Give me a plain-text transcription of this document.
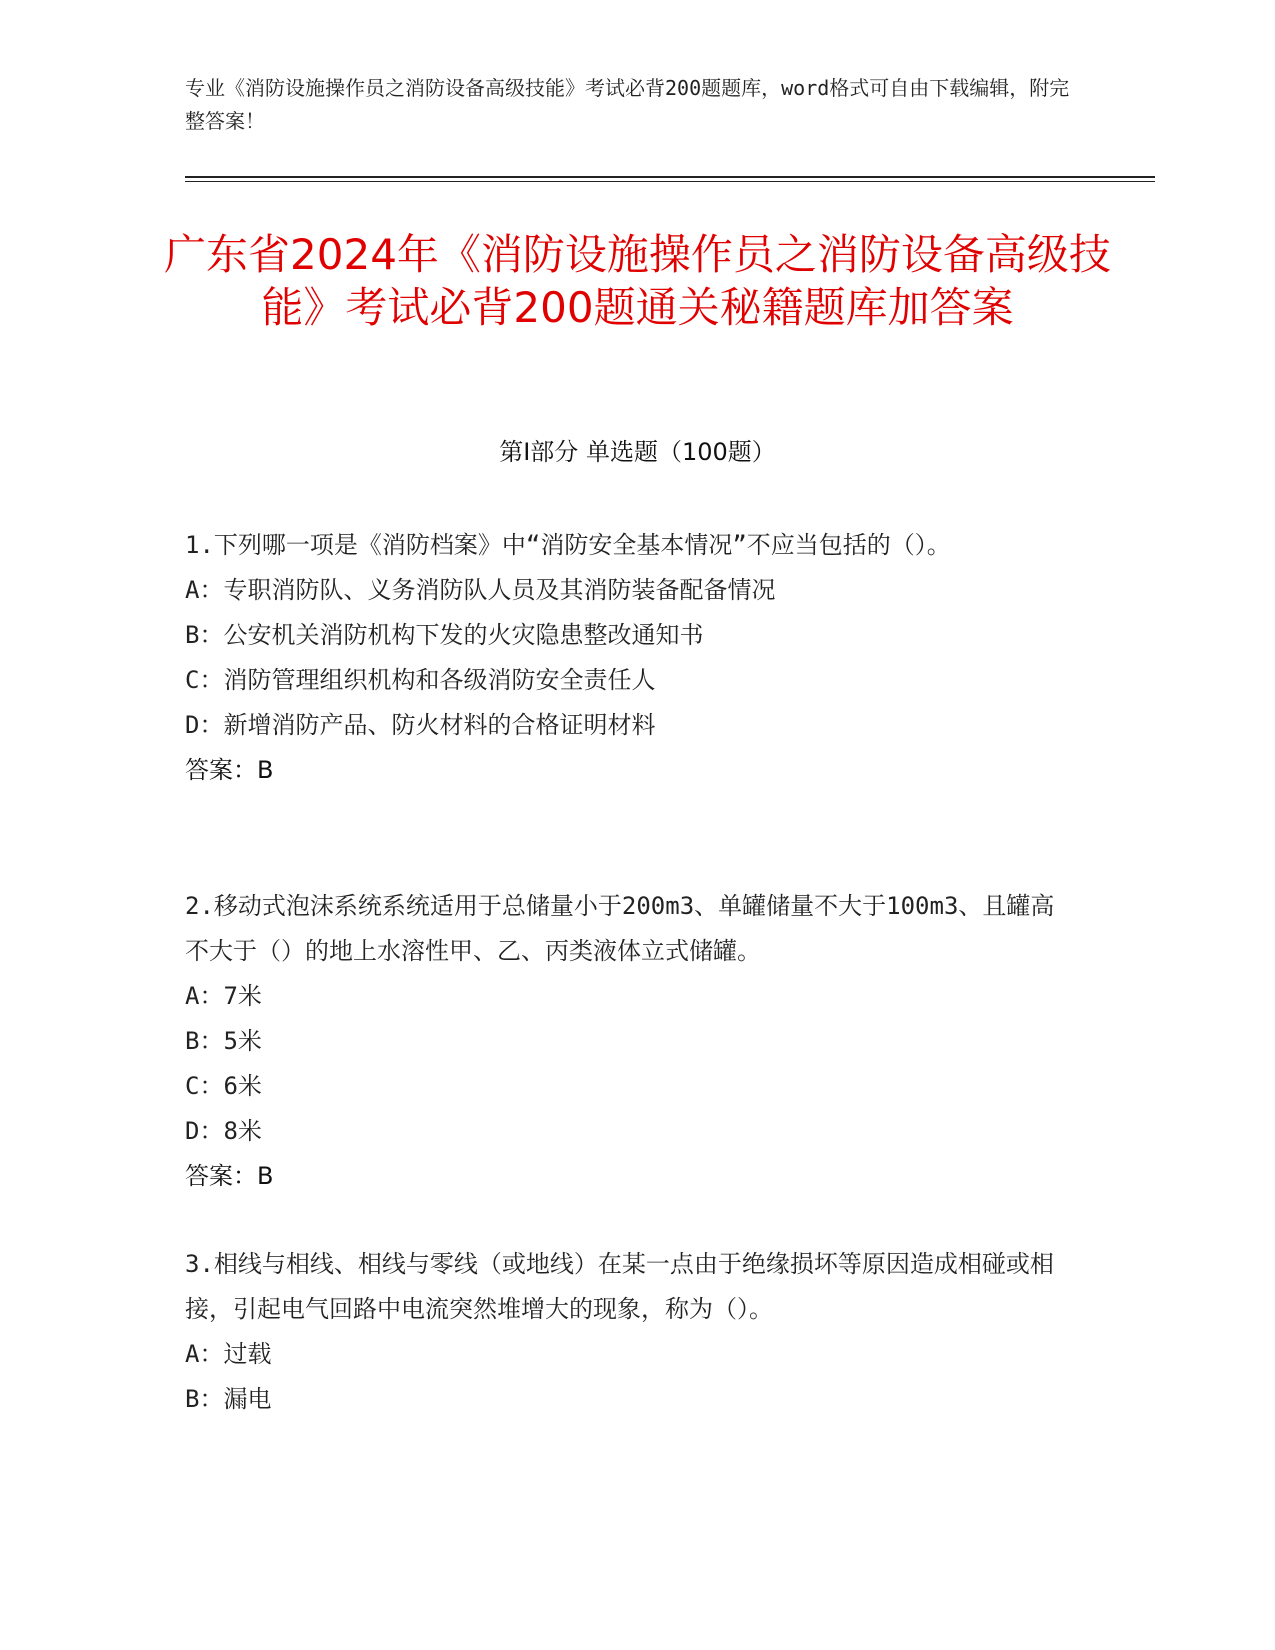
专业《消防设施操作员之消防设备高级技能》考试必背200题题库，word格式可自由下载编辑，附完整答案！
广东省2024年《消防设施操作员之消防设备高级技能》考试必背200题通关秘籍题库加答案
第I部分 单选题（100题）

1.下列哪一项是《消防档案》中“消防安全基本情况”不应当包括的（）。

A：专职消防队、义务消防队人员及其消防装备配备情况

B：公安机关消防机构下发的火灾隐患整改通知书

C：消防管理组织机构和各级消防安全责任人

D：新增消防产品、防火材料的合格证明材料

答案：B

2.移动式泡沫系统系统适用于总储量小于200m3、单罐储量不大于100m3、且罐高不大于（）的地上水溶性甲、乙、丙类液体立式储罐。

A：7米

B：5米

C：6米

D：8米

答案：B

3.相线与相线、相线与零线（或地线）在某一点由于绝缘损坏等原因造成相碰或相接，引起电气回路中电流突然堆增大的现象，称为（）。

A：过载

B：漏电
